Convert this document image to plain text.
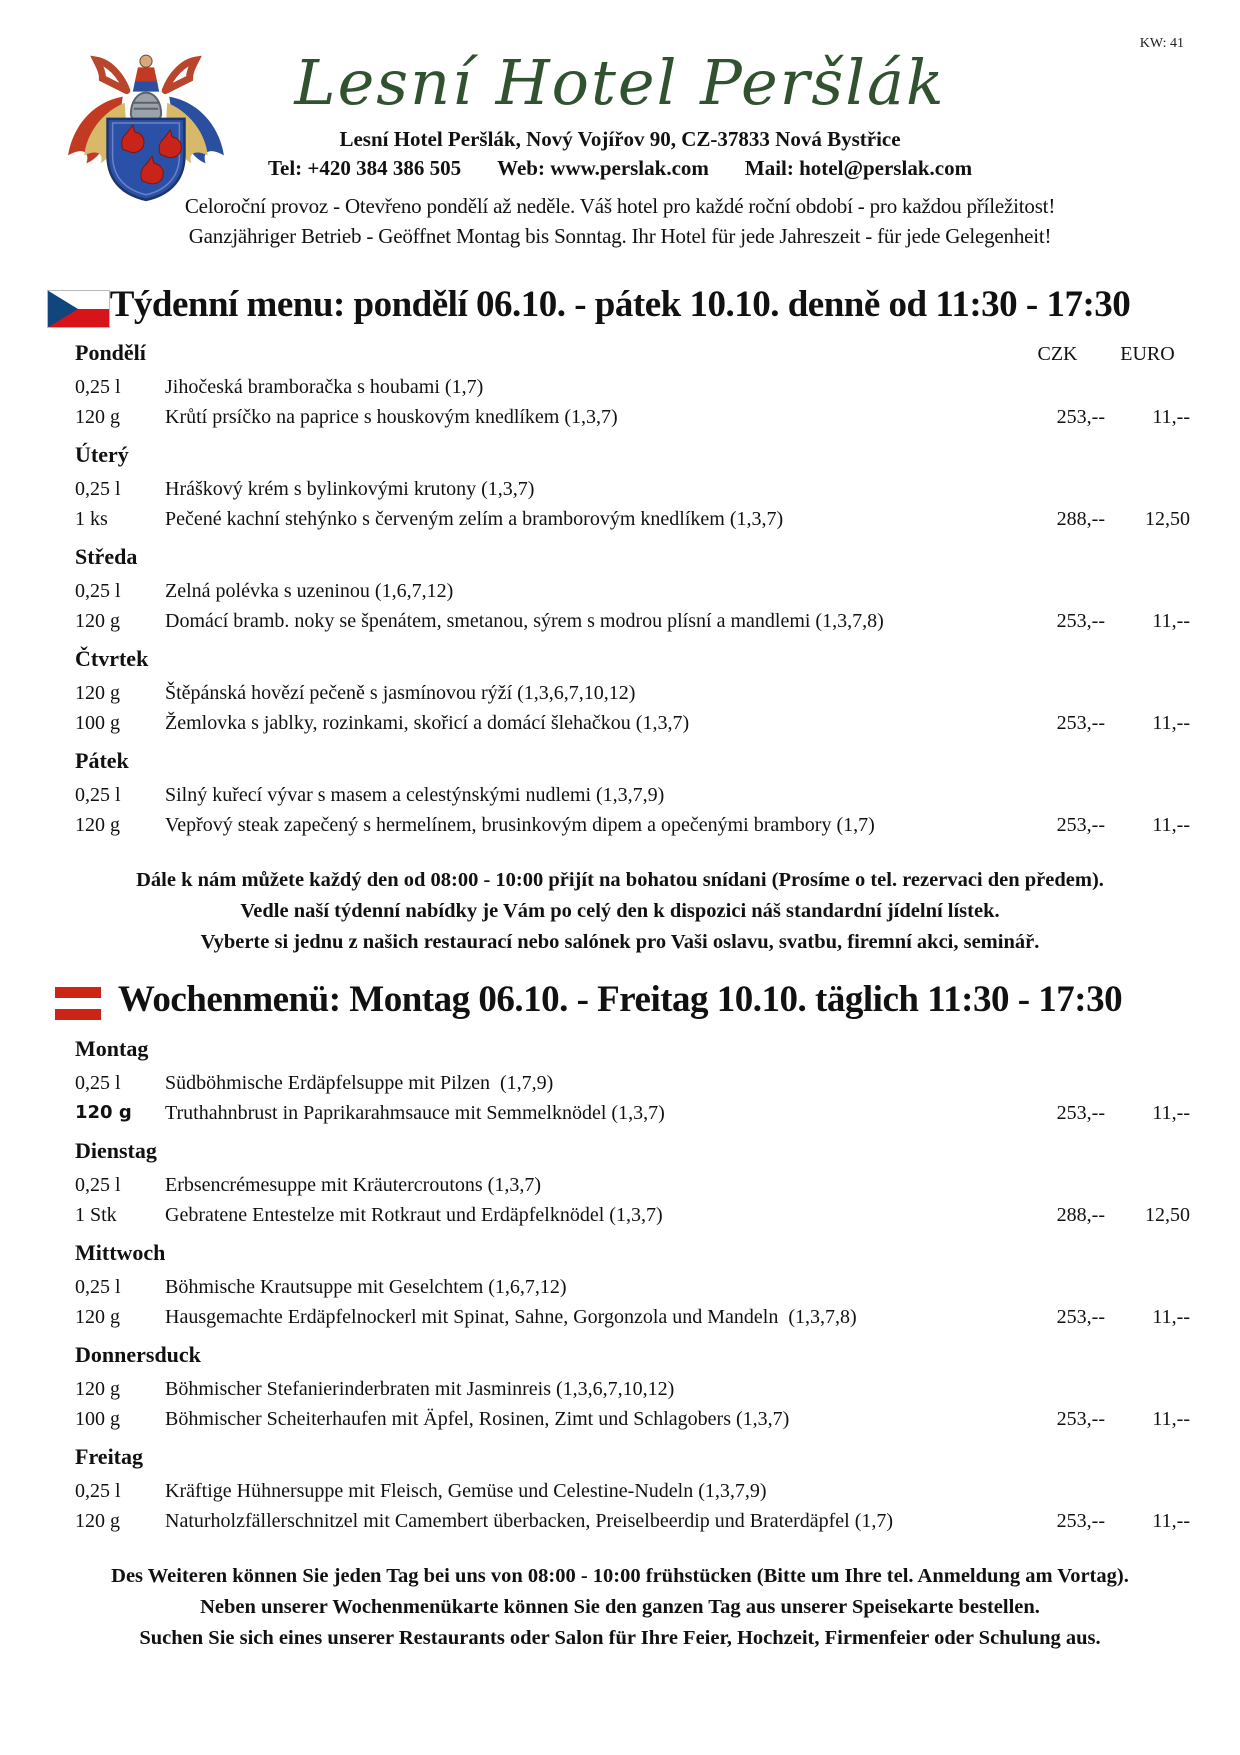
KW: 41
Lesní Hotel Peršlák
Lesní Hotel Peršlák, Nový Vojířov 90, CZ-37833 Nová Bystřice
Tel: +420 384 386 505 Web: www.perslak.com Mail: hotel@perslak.com
Celoroční provoz - Otevřeno pondělí až neděle. Váš hotel pro každé roční období - pro každou příležitost!
Ganzjähriger Betrieb - Geöffnet Montag bis Sonntag. Ihr Hotel für jede Jahreszeit - für jede Gelegenheit!
Týdenní menu: pondělí 06.10. - pátek 10.10. denně od 11:30 - 17:30
Pondělí	CZK	EURO
0,25 l	Jihočeská bramboračka s houbami (1,7)
120 g	Krůtí prsíčko na paprice s houskovým knedlíkem (1,3,7)	253,--	11,--
Úterý
0,25 l	Hráškový krém s bylinkovými krutony (1,3,7)
1 ks	Pečené kachní stehýnko s červeným zelím a bramborovým knedlíkem (1,3,7)	288,--	12,50
Středa
0,25 l	Zelná polévka s uzeninou (1,6,7,12)
120 g	Domácí bramb. noky se špenátem, smetanou, sýrem s modrou plísní a mandlemi (1,3,7,8)	253,--	11,--
Čtvrtek
120 g	Štěpánská hovězí pečeně s jasmínovou rýží (1,3,6,7,10,12)
100 g	Žemlovka s jablky, rozinkami, skořicí a domácí šlehačkou (1,3,7)	253,--	11,--
Pátek
0,25 l	Silný kuřecí vývar s masem a celestýnskými nudlemi (1,3,7,9)
120 g	Vepřový steak zapečený s hermelínem, brusinkovým dipem a opečenými brambory (1,7)	253,--	11,--

Dále k nám můžete každý den od 08:00 - 10:00 přijít na bohatou snídani (Prosíme o tel. rezervaci den předem).

Vedle naší týdenní nabídky je Vám po celý den k dispozici náš standardní jídelní lístek.

Vyberte si jednu z našich restaurací nebo salónek pro Vaši oslavu, svatbu, firemní akci, seminář.

Wochenmenü: Montag 06.10. - Freitag 10.10. täglich 11:30 - 17:30
Montag
0,25 l	Südböhmische Erdäpfelsuppe mit Pilzen  (1,7,9)
120 g	Truthahnbrust in Paprikarahmsauce mit Semmelknödel (1,3,7)	253,--	11,--
Dienstag
0,25 l	Erbsencrémesuppe mit Kräutercroutons (1,3,7)
1 Stk	Gebratene Entestelze mit Rotkraut und Erdäpfelknödel (1,3,7)	288,--	12,50
Mittwoch
0,25 l	Böhmische Krautsuppe mit Geselchtem (1,6,7,12)
120 g	Hausgemachte Erdäpfelnockerl mit Spinat, Sahne, Gorgonzola und Mandeln  (1,3,7,8)	253,--	11,--
Donnersduck
120 g	Böhmischer Stefanierinderbraten mit Jasminreis (1,3,6,7,10,12)
100 g	Böhmischer Scheiterhaufen mit Äpfel, Rosinen, Zimt und Schlagobers (1,3,7)	253,--	11,--
Freitag
0,25 l	Kräftige Hühnersuppe mit Fleisch, Gemüse und Celestine-Nudeln (1,3,7,9)
120 g	Naturholzfällerschnitzel mit Camembert überbacken, Preiselbeerdip und Braterdäpfel (1,7)	253,--	11,--

Des Weiteren können Sie jeden Tag bei uns von 08:00 - 10:00 frühstücken (Bitte um Ihre tel. Anmeldung am Vortag).

Neben unserer Wochenmenükarte können Sie den ganzen Tag aus unserer Speisekarte bestellen.

Suchen Sie sich eines unserer Restaurants oder Salon für Ihre Feier, Hochzeit, Firmenfeier oder Schulung aus.
